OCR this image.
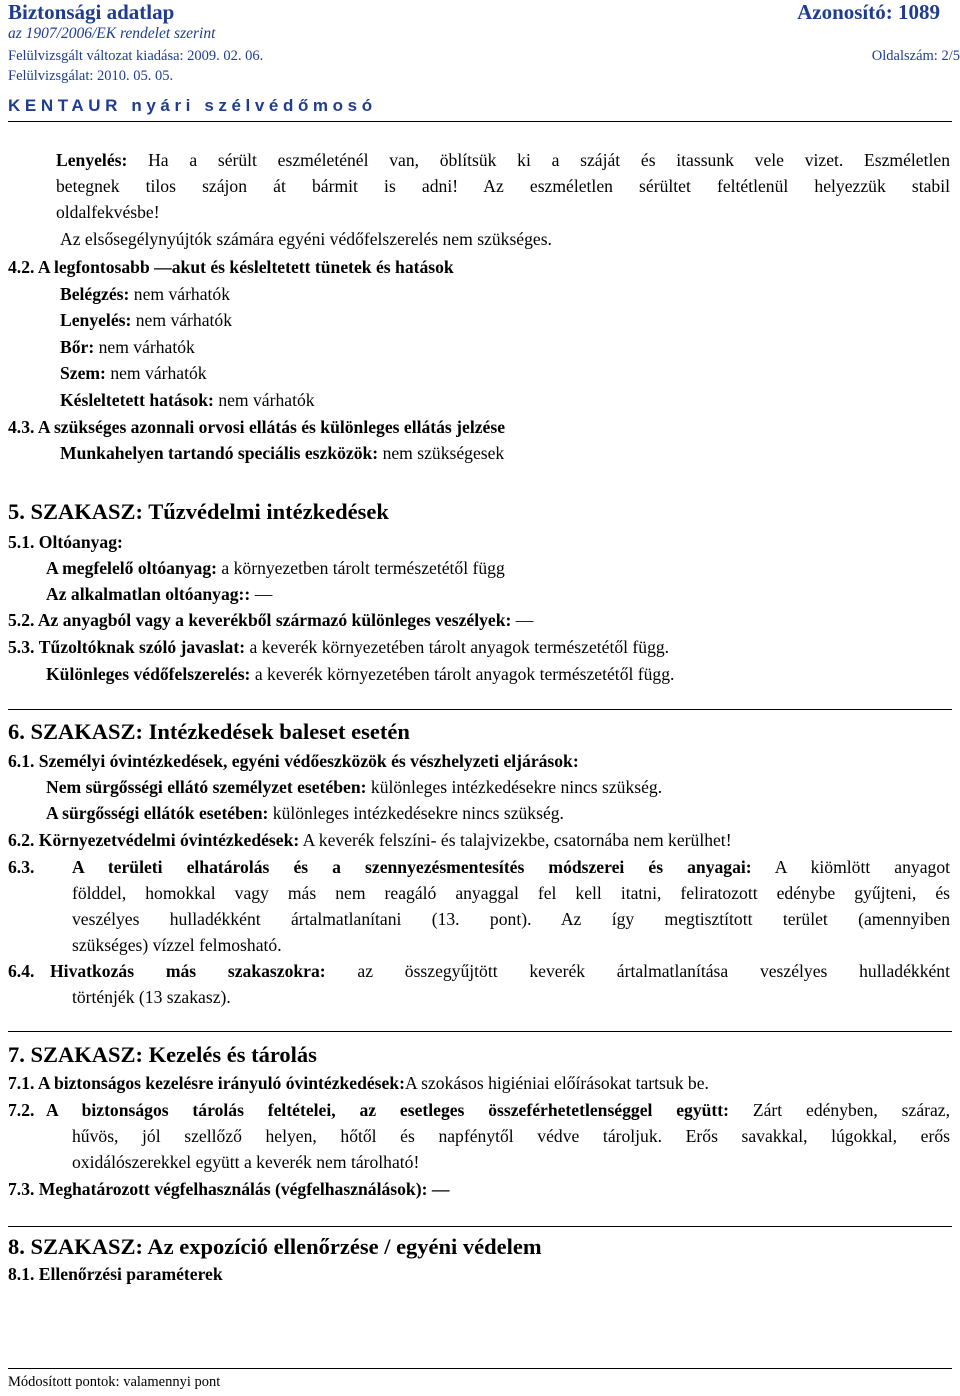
Biztonsági adatlap	Azonosító: 1089
az 1907/2006/EK rendelet szerint
Felülvizsgált változat kiadása: 2009. 02. 06.	Oldalszám: 2/5
Felülvizsgálat: 2010. 05. 05.
KENTAUR nyári szélvédőmosó
Lenyelés: Ha a sérült eszméleténél van, öblítsük ki a száját és itassunk vele vizet. Eszméletlen
betegnek tilos szájon át bármit is adni! Az eszméletlen sérültet feltétlenül helyezzük stabil
oldalfekvésbe!
Az elsősegélynyújtók számára egyéni védőfelszerelés nem szükséges.
4.2. A legfontosabb —akut és késleltetett tünetek és hatások
Belégzés: nem várhatók
Lenyelés: nem várhatók
Bőr: nem várhatók
Szem: nem várhatók
Késleltetett hatások: nem várhatók
4.3. A szükséges azonnali orvosi ellátás és különleges ellátás jelzése
Munkahelyen tartandó speciális eszközök: nem szükségesek
5. SZAKASZ: Tűzvédelmi intézkedések
5.1. Oltóanyag:
A megfelelő oltóanyag: a környezetben tárolt természetétől függ
Az alkalmatlan oltóanyag:: —
5.2. Az anyagból vagy a keverékből származó különleges veszélyek: —
5.3. Tűzoltóknak szóló javaslat: a keverék környezetében tárolt anyagok természetétől függ.
Különleges védőfelszerelés: a keverék környezetében tárolt anyagok természetétől függ.
6. SZAKASZ: Intézkedések baleset esetén
6.1. Személyi óvintézkedések, egyéni védőeszközök és vészhelyzeti eljárások:
Nem sürgősségi ellátó személyzet esetében: különleges intézkedésekre nincs szükség.
A sürgősségi ellátók esetében: különleges intézkedésekre nincs szükség.
6.2. Környezetvédelmi óvintézkedések: A keverék felszíni- és talajvizekbe, csatornába nem kerülhet!
6.3. A területi elhatárolás és a szennyezésmentesítés módszerei és anyagai: A kiömlött anyagot
földdel, homokkal vagy más nem reagáló anyaggal fel kell itatni, feliratozott edénybe gyűjteni, és
veszélyes hulladékként ártalmatlanítani (13. pont). Az így megtisztított terület (amennyiben
szükséges) vízzel felmosható.
6.4. Hivatkozás más szakaszokra: az összegyűjtött keverék ártalmatlanítása veszélyes hulladékként
történjék (13 szakasz).
7. SZAKASZ: Kezelés és tárolás
7.1. A biztonságos kezelésre irányuló óvintézkedések:A szokásos higiéniai előírásokat tartsuk be.
7.2. A biztonságos tárolás feltételei, az esetleges összeférhetetlenséggel együtt: Zárt edényben, száraz,
hűvös, jól szellőző helyen, hőtől és napfénytől védve tároljuk. Erős savakkal, lúgokkal, erős
oxidálószerekkel együtt a keverék nem tárolható!
7.3. Meghatározott végfelhasználás (végfelhasználások): —
8. SZAKASZ: Az expozíció ellenőrzése / egyéni védelem
8.1. Ellenőrzési paraméterek
Módosított pontok: valamennyi pont
